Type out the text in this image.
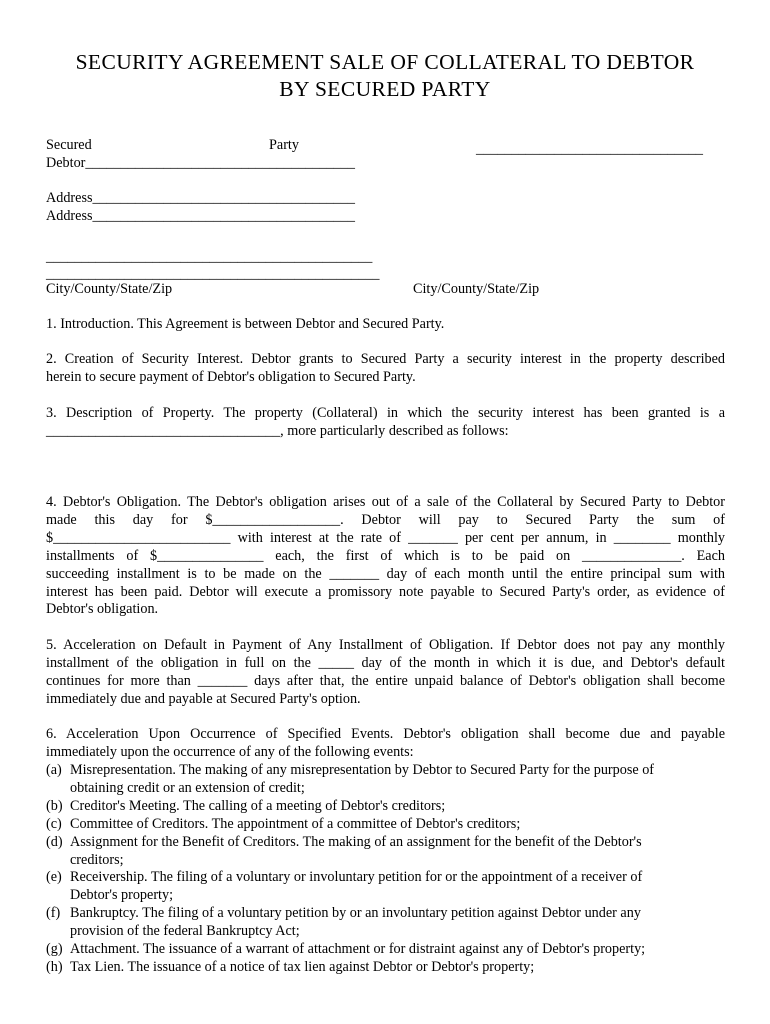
SECURITY AGREEMENT SALE OF COLLATERAL TO DEBTOR
BY SECURED PARTY
Secured	Party	________________________________
Debtor______________________________________
Address_____________________________________
Address_____________________________________
______________________________________________
_______________________________________________
City/County/State/Zip	City/County/State/Zip
1. Introduction. This Agreement is between Debtor and Secured Party.
2. Creation of Security Interest. Debtor grants to Secured Party a security interest in the property described
herein to secure payment of Debtor's obligation to Secured Party.
3. Description of Property. The property (Collateral) in which the security interest has been granted is a
_________________________________, more particularly described as follows:
4. Debtor's Obligation. The Debtor's obligation arises out of a sale of the Collateral by Secured Party to Debtor
made this day for $__________________. Debtor will pay to Secured Party the sum of
$_________________________ with interest at the rate of _______ per cent per annum, in ________ monthly
installments of $_______________ each, the first of which is to be paid on ______________. Each
succeeding installment is to be made on the _______ day of each month until the entire principal sum with
interest has been paid. Debtor will execute a promissory note payable to Secured Party's order, as evidence of
Debtor's obligation.
5. Acceleration on Default in Payment of Any Installment of Obligation. If Debtor does not pay any monthly
installment of the obligation in full on the _____ day of the month in which it is due, and Debtor's default
continues for more than _______ days after that, the entire unpaid balance of Debtor's obligation shall become
immediately due and payable at Secured Party's option.
6. Acceleration Upon Occurrence of Specified Events. Debtor's obligation shall become due and payable
immediately upon the occurrence of any of the following events:
(a) Misrepresentation. The making of any misrepresentation by Debtor to Secured Party for the purpose of
obtaining credit or an extension of credit;
(b) Creditor's Meeting. The calling of a meeting of Debtor's creditors;
(c) Committee of Creditors. The appointment of a committee of Debtor's creditors;
(d) Assignment for the Benefit of Creditors. The making of an assignment for the benefit of the Debtor's
creditors;
(e) Receivership. The filing of a voluntary or involuntary petition for or the appointment of a receiver of
Debtor's property;
(f) Bankruptcy. The filing of a voluntary petition by or an involuntary petition against Debtor under any
provision of the federal Bankruptcy Act;
(g) Attachment. The issuance of a warrant of attachment or for distraint against any of Debtor's property;
(h) Tax Lien. The issuance of a notice of tax lien against Debtor or Debtor's property;
